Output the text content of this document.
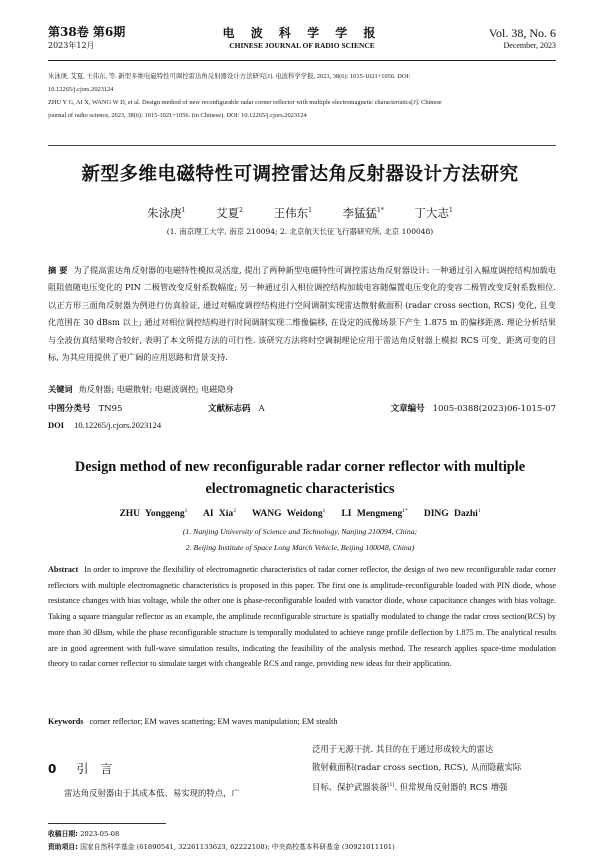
第38卷 第6期
2023年12月
电 波 科 学 学 报
CHINESE JOURNAL OF RADIO SCIENCE
Vol. 38, No. 6
December, 2023
朱泳庚, 艾夏, 王伟东, 等. 新型多维电磁特性可调控雷达角反射器设计方法研究[J]. 电波科学学报, 2023, 38(6): 1015-1021+1056. DOI:
10.12265/j.cjors.2023124
ZHU Y G, AI X, WANG W D, et al. Design method of new reconfigurable radar corner reflector with multiple electromagnetic characteristics[J]. Chinese
journal of radio science, 2023, 38(6): 1015-1021+1056. (in Chinese). DOI: 10.12265/j.cjors.2023124
新型多维电磁特性可调控雷达角反射器设计方法研究
朱泳庚$^1$	艾夏$^2$	王伟东$^1$	李猛猛$^{1*}$	丁大志$^1$
(1. 南京理工大学, 南京 210094; 2. 北京航天长征飞行器研究所, 北京 100048)
摘 要 为了提高雷达角反射器的电磁特性模拟灵活度, 提出了两种新型电磁特性可调控雷达角反射器设计: 一种通过引入幅度调控结构加载电阻阻值随电压变化的 PIN 二极管改变反射系数幅度; 另一种通过引入相位调控结构加载电容随偏置电压变化的变容二极管改变反射系数相位. 以正方形三面角反射器为例进行仿真验证, 通过对幅度调控结构进行空间调制实现雷达散射截面积 (radar cross section, RCS) 变化, 且变化范围在 30 dBsm 以上; 通过对相位调控结构进行时间调制实现二维像偏移, 在设定的成像场景下产生 1.875 m 的偏移距离. 理论分析结果与全波仿真结果吻合较好, 表明了本文所提方法的可行性. 该研究方法将时空调制理论应用于雷达角反射器上模拟 RCS 可变、距离可变的目标, 为其应用提供了更广阔的应用思路和背景支持.
关键词 角反射器; 电磁散射; 电磁波调控; 电磁隐身
中图分类号 TN95	文献标志码 A	文章编号 1005-0388(2023)06-1015-07
DOI 10.12265/j.cjors.2023124
Design method of new reconfigurable radar corner reflector with multiple electromagnetic characteristics
ZHU Yonggeng$^1$ AI Xia$^2$ WANG Weidong$^1$ LI Mengmeng$^{1*}$ DING Dazhi$^1$
(1. Nanjing University of Science and Technology, Nanjing 210094, China;
2. Beijing Institute of Space Long March Vehicle, Beijing 100048, China)
Abstract In order to improve the flexibility of electromagnetic characteristics of radar corner reflector, the design of two new reconfigurable radar corner reflectors with multiple electromagnetic characteristics is proposed in this paper. The first one is amplitude-reconfigurable loaded with PIN diode, whose resistance changes with bias voltage, while the other one is phase-reconfigurable loaded with varactor diode, whose capacitance changes with bias voltage. Taking a square triangular reflector as an example, the amplitude reconfigurable structure is spatially modulated to change the radar cross section(RCS) by more than 30 dBsm, while the phase reconfigurable structure is temporally modulated to achieve range profile deflection by 1.875 m. The analytical results are in good agreement with full-wave simulation results, indicating the feasibility of the analysis method. The research applies space-time modulation theory to radar corner reflector to simulate target with changeable RCS and range, providing new ideas for their application.
Keywords corner reflector; EM waves scattering; EM waves manipulation; EM stealth
0 引言
雷达角反射器由于其成本低、易实现的特点，广
泛用于无源干扰. 其目的在于通过形成较大的雷达
散射截面积(radar cross section, RCS), 从而隐蔽实际
目标、保护武器装备[1]. 但常规角反射器的 RCS 增强
收稿日期: 2023-05-08
资助项目: 国家自然科学基金 (61890541, 32261133623, 62222108); 中央高校基本科研基金 (30921011101)
